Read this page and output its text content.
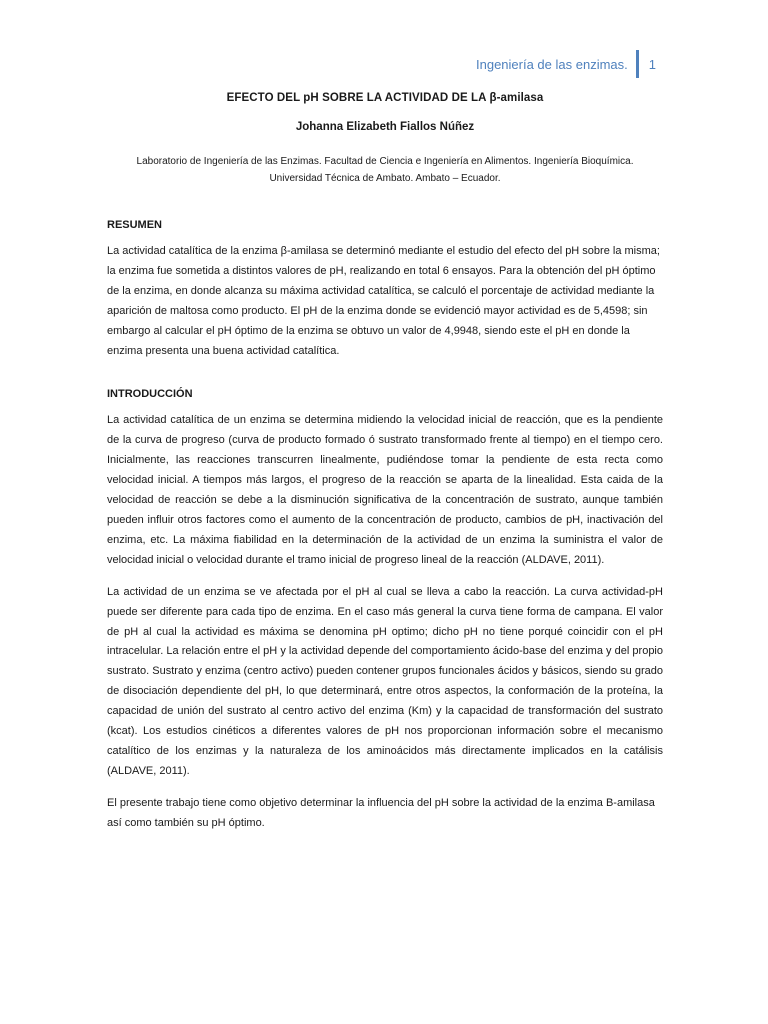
Ingeniería de las enzimas. 1
EFECTO DEL pH SOBRE LA ACTIVIDAD DE LA β-amilasa

Johanna Elizabeth Fiallos Núñez

Laboratorio de Ingeniería de las Enzimas. Facultad de Ciencia e Ingeniería en Alimentos. Ingeniería Bioquímica. Universidad Técnica de Ambato. Ambato – Ecuador.

RESUMEN

La actividad catalítica de la enzima β-amilasa se determinó mediante el estudio del efecto del pH sobre la misma; la enzima fue sometida a distintos valores de pH, realizando en total 6 ensayos. Para la obtención del pH óptimo de la enzima, en donde alcanza su máxima actividad catalítica, se calculó el porcentaje de actividad mediante la aparición de maltosa como producto. El pH de la enzima donde se evidenció mayor actividad es de 5,4598; sin embargo al calcular el pH óptimo de la enzima se obtuvo un valor de 4,9948, siendo este el pH en donde la enzima presenta una buena actividad catalítica.

INTRODUCCIÓN

La actividad catalítica de un enzima se determina midiendo la velocidad inicial de reacción, que es la pendiente de la curva de progreso (curva de producto formado ó sustrato transformado frente al tiempo) en el tiempo cero. Inicialmente, las reacciones transcurren linealmente, pudiéndose tomar la pendiente de esta recta como velocidad inicial. A tiempos más largos, el progreso de la reacción se aparta de la linealidad. Esta caida de la velocidad de reacción se debe a la disminución significativa de la concentración de sustrato, aunque también pueden influir otros factores como el aumento de la concentración de producto, cambios de pH, inactivación del enzima, etc. La máxima fiabilidad en la determinación de la actividad de un enzima la suministra el valor de velocidad inicial o velocidad durante el tramo inicial de progreso lineal de la reacción (ALDAVE, 2011).

La actividad de un enzima se ve afectada por el pH al cual se lleva a cabo la reacción. La curva actividad-pH puede ser diferente para cada tipo de enzima. En el caso más general la curva tiene forma de campana. El valor de pH al cual la actividad es máxima se denomina pH optimo; dicho pH no tiene porqué coincidir con el pH intracelular. La relación entre el pH y la actividad depende del comportamiento ácido-base del enzima y del propio sustrato. Sustrato y enzima (centro activo) pueden contener grupos funcionales ácidos y básicos, siendo su grado de disociación dependiente del pH, lo que determinará, entre otros aspectos, la conformación de la proteína, la capacidad de unión del sustrato al centro activo del enzima (Km) y la capacidad de transformación del sustrato (kcat). Los estudios cinéticos a diferentes valores de pH nos proporcionan información sobre el mecanismo catalítico de los enzimas y la naturaleza de los aminoácidos más directamente implicados en la catálisis (ALDAVE, 2011).

El presente trabajo tiene como objetivo determinar la influencia del pH sobre la actividad de la enzima B-amilasa así como también su pH óptimo.
